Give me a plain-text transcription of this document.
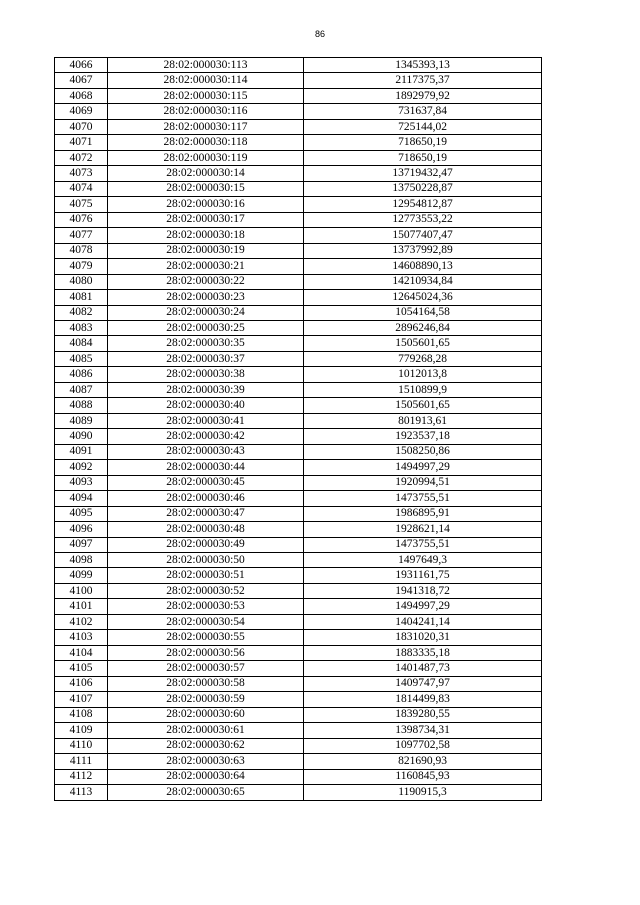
86
4066	28:02:000030:113	1345393,13
4067	28:02:000030:114	2117375,37
4068	28:02:000030:115	1892979,92
4069	28:02:000030:116	731637,84
4070	28:02:000030:117	725144,02
4071	28:02:000030:118	718650,19
4072	28:02:000030:119	718650,19
4073	28:02:000030:14	13719432,47
4074	28:02:000030:15	13750228,87
4075	28:02:000030:16	12954812,87
4076	28:02:000030:17	12773553,22
4077	28:02:000030:18	15077407,47
4078	28:02:000030:19	13737992,89
4079	28:02:000030:21	14608890,13
4080	28:02:000030:22	14210934,84
4081	28:02:000030:23	12645024,36
4082	28:02:000030:24	1054164,58
4083	28:02:000030:25	2896246,84
4084	28:02:000030:35	1505601,65
4085	28:02:000030:37	779268,28
4086	28:02:000030:38	1012013,8
4087	28:02:000030:39	1510899,9
4088	28:02:000030:40	1505601,65
4089	28:02:000030:41	801913,61
4090	28:02:000030:42	1923537,18
4091	28:02:000030:43	1508250,86
4092	28:02:000030:44	1494997,29
4093	28:02:000030:45	1920994,51
4094	28:02:000030:46	1473755,51
4095	28:02:000030:47	1986895,91
4096	28:02:000030:48	1928621,14
4097	28:02:000030:49	1473755,51
4098	28:02:000030:50	1497649,3
4099	28:02:000030:51	1931161,75
4100	28:02:000030:52	1941318,72
4101	28:02:000030:53	1494997,29
4102	28:02:000030:54	1404241,14
4103	28:02:000030:55	1831020,31
4104	28:02:000030:56	1883335,18
4105	28:02:000030:57	1401487,73
4106	28:02:000030:58	1409747,97
4107	28:02:000030:59	1814499,83
4108	28:02:000030:60	1839280,55
4109	28:02:000030:61	1398734,31
4110	28:02:000030:62	1097702,58
4111	28:02:000030:63	821690,93
4112	28:02:000030:64	1160845,93
4113	28:02:000030:65	1190915,3
